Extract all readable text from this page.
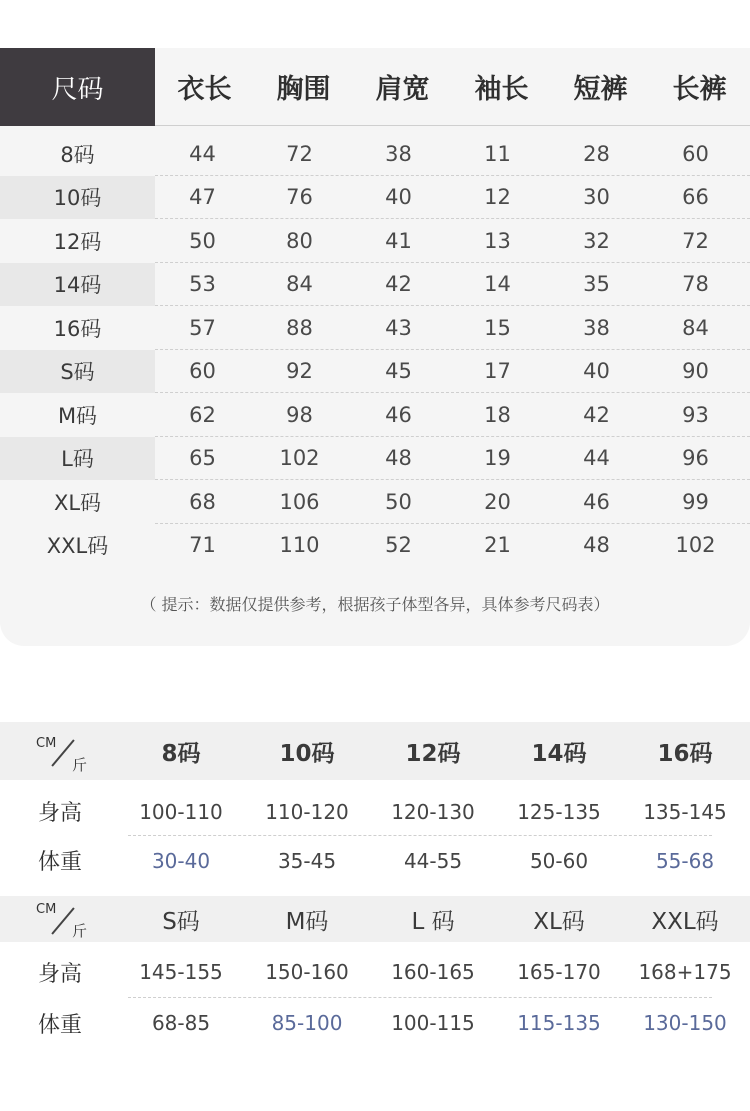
尺码	衣长	胸围	肩宽	袖长	短裤	长裤
8码	44	72	38	11	28	60
10码	47	76	40	12	30	66
12码	50	80	41	13	32	72
14码	53	84	42	14	35	78
16码	57	88	43	15	38	84
S码	60	92	45	17	40	90
M码	62	98	46	18	42	93
L码	65	102	48	19	44	96
XL码	68	106	50	20	46	99
XXL码	71	110	52	21	48	102
（ 提示：数据仅提供参考，根据孩子体型各异，具体参考尺码表）
CM
斤	8码	10码	12码	14码	16码
身高	100-110	110-120	120-130	125-135	135-145
体重	30-40	35-45	44-55	50-60	55-68
CM
斤	S码	M码	L 码	XL码	XXL码
身高	145-155	150-160	160-165	165-170	168+175
体重	68-85	85-100	100-115	115-135	130-150
